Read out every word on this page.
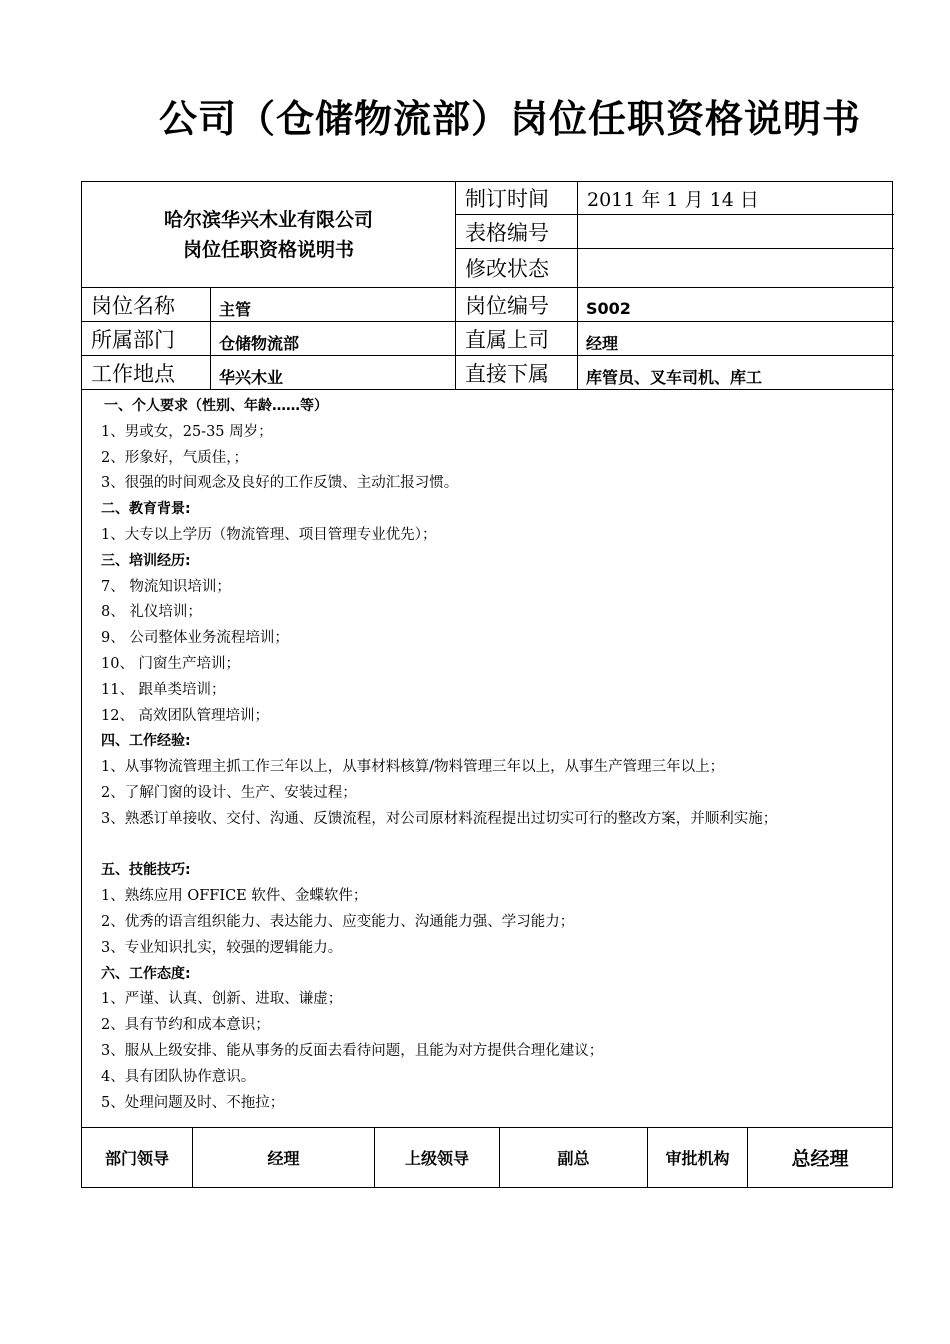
公司（仓储物流部）岗位任职资格说明书
哈尔滨华兴木业有限公司
岗位任职资格说明书
制订时间	2011 年 1 月 14 日
表格编号
修改状态
岗位名称	主管	岗位编号	S002
所属部门	仓储物流部	直属上司	经理
工作地点	华兴木业	直接下属	库管员、叉车司机、库工
一、个人要求（性别、年龄……等）
1、男或女，25-35 周岁；
2、形象好，气质佳，；
3、很强的时间观念及良好的工作反馈、主动汇报习惯。
二、教育背景:
1、大专以上学历（物流管理、项目管理专业优先）；
三、培训经历:
7、 物流知识培训；
8、 礼仪培训；
9、 公司整体业务流程培训；
10、 门窗生产培训；
11、 跟单类培训；
12、 高效团队管理培训；
四、工作经验:
1、从事物流管理主抓工作三年以上，从事材料核算/物料管理三年以上，从事生产管理三年以上；
2、了解门窗的设计、生产、安装过程；
3、熟悉订单接收、交付、沟通、反馈流程，对公司原材料流程提出过切实可行的整改方案，并顺利实施；
五、技能技巧:
1、熟练应用 OFFICE 软件、金蝶软件；
2、优秀的语言组织能力、表达能力、应变能力、沟通能力强、学习能力；
3、专业知识扎实，较强的逻辑能力。
六、工作态度:
1、严谨、认真、创新、进取、谦虚；
2、具有节约和成本意识；
3、服从上级安排、能从事务的反面去看待问题，且能为对方提供合理化建议；
4、具有团队协作意识。
5、处理问题及时、不拖拉；
部门领导	经理	上级领导	副总	审批机构	总经理
